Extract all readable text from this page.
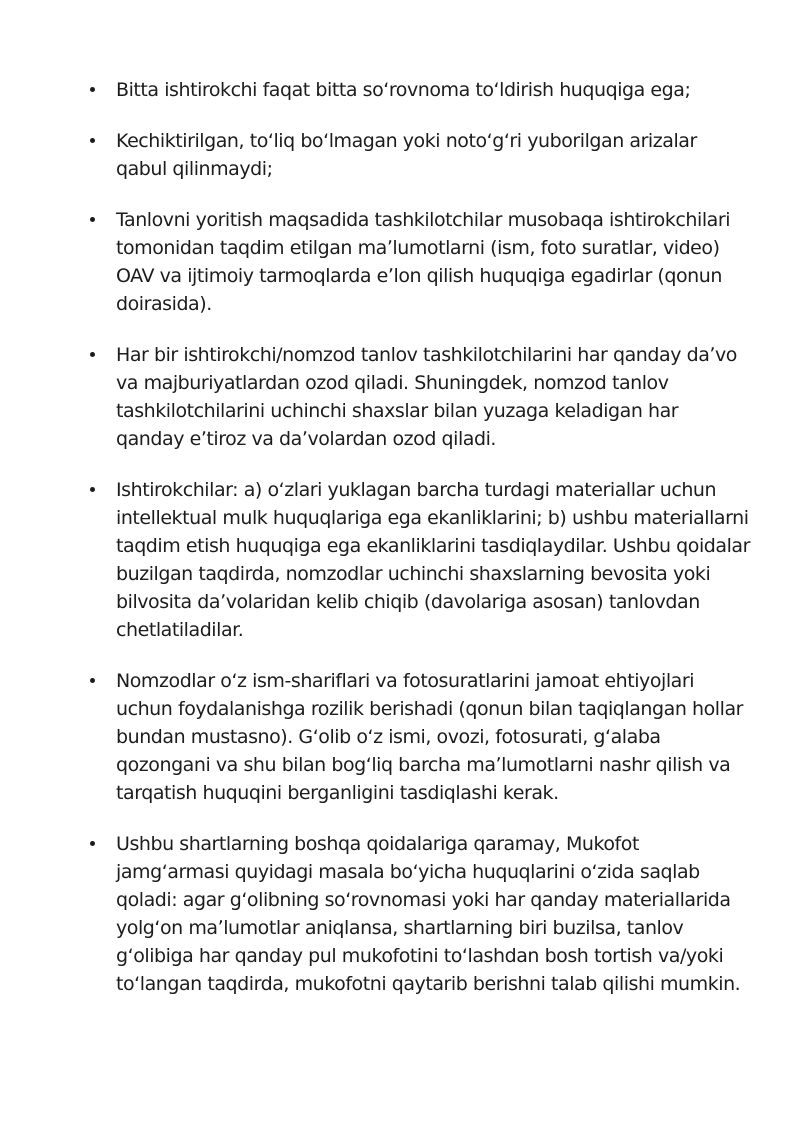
Bitta ishtirokchi faqat bitta soʻrovnoma toʻldirish huquqiga ega;
Kechiktirilgan, toʻliq boʻlmagan yoki notoʻgʻri yuborilgan arizalar qabul qilinmaydi;
Tanlovni yoritish maqsadida tashkilotchilar musobaqa ishtirokchilari tomonidan taqdim etilgan maʼlumotlarni (ism, foto suratlar, video) OAV va ijtimoiy tarmoqlarda eʼlon qilish huquqiga egadirlar (qonun doirasida).
Har bir ishtirokchi/nomzod tanlov tashkilotchilarini har qanday daʼvo va majburiyatlardan ozod qiladi. Shuningdek, nomzod tanlov tashkilotchilarini uchinchi shaxslar bilan yuzaga keladigan har qanday eʼtiroz va daʼvolardan ozod qiladi.
Ishtirokchilar: a) oʻzlari yuklagan barcha turdagi materiallar uchun intellektual mulk huquqlariga ega ekanliklarini; b) ushbu materiallarni taqdim etish huquqiga ega ekanliklarini tasdiqlaydilar. Ushbu qoidalar buzilgan taqdirda, nomzodlar uchinchi shaxslarning bevosita yoki bilvosita daʼvolaridan kelib chiqib (davolariga asosan) tanlovdan chetlatiladilar.
Nomzodlar oʻz ism-shariflari va fotosuratlarini jamoat ehtiyojlari uchun foydalanishga rozilik berishadi (qonun bilan taqiqlangan hollar bundan mustasno). Gʻolib oʻz ismi, ovozi, fotosurati, gʻalaba qozongani va shu bilan bogʻliq barcha maʼlumotlarni nashr qilish va tarqatish huquqini berganligini tasdiqlashi kerak.
Ushbu shartlarning boshqa qoidalariga qaramay, Mukofot jamgʻarmasi quyidagi masala boʻyicha huquqlarini oʻzida saqlab qoladi: agar gʻolibning soʻrovnomasi yoki har qanday materiallarida yolgʻon maʼlumotlar aniqlansa, shartlarning biri buzilsa, tanlov gʻolibiga har qanday pul mukofotini toʻlashdan bosh tortish va/yoki toʻlangan taqdirda, mukofotni qaytarib berishni talab qilishi mumkin.
